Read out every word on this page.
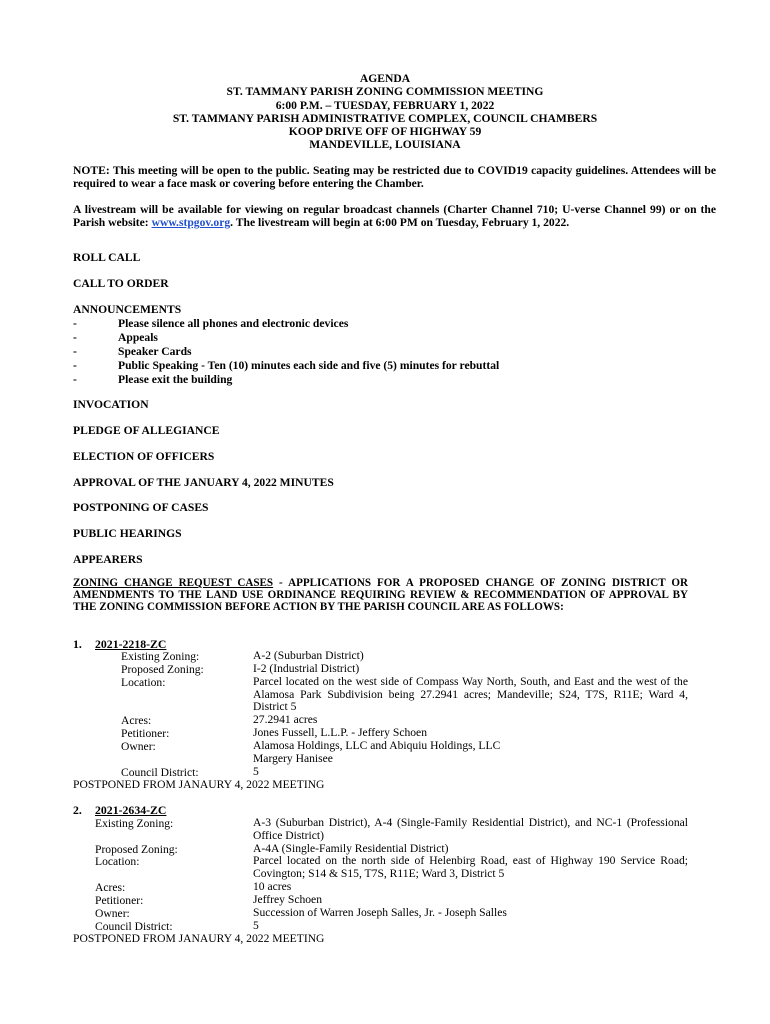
AGENDA
ST. TAMMANY PARISH ZONING COMMISSION MEETING
6:00 P.M. – TUESDAY, FEBRUARY 1, 2022
ST. TAMMANY PARISH ADMINISTRATIVE COMPLEX, COUNCIL CHAMBERS
KOOP DRIVE OFF OF HIGHWAY 59
MANDEVILLE, LOUISIANA
NOTE: This meeting will be open to the public. Seating may be restricted due to COVID19 capacity guidelines. Attendees will be required to wear a face mask or covering before entering the Chamber.
A livestream will be available for viewing on regular broadcast channels (Charter Channel 710; U-verse Channel 99) or on the Parish website: www.stpgov.org. The livestream will begin at 6:00 PM on Tuesday, February 1, 2022.
ROLL CALL
CALL TO ORDER
ANNOUNCEMENTS
-	Please silence all phones and electronic devices
-	Appeals
-	Speaker Cards
-	Public Speaking - Ten (10) minutes each side and five (5) minutes for rebuttal
-	Please exit the building
INVOCATION
PLEDGE OF ALLEGIANCE
ELECTION OF OFFICERS
APPROVAL OF THE JANUARY 4, 2022 MINUTES
POSTPONING OF CASES
PUBLIC HEARINGS
APPEARERS
ZONING CHANGE REQUEST CASES - APPLICATIONS FOR A PROPOSED CHANGE OF ZONING DISTRICT OR AMENDMENTS TO THE LAND USE ORDINANCE REQUIRING REVIEW & RECOMMENDATION OF APPROVAL BY THE ZONING COMMISSION BEFORE ACTION BY THE PARISH COUNCIL ARE AS FOLLOWS:
1. 2021-2218-ZC
Existing Zoning:	A-2 (Suburban District)
Proposed Zoning:	I-2 (Industrial District)
Location:	Parcel located on the west side of Compass Way North, South, and East and the west of the Alamosa Park Subdivision being 27.2941 acres; Mandeville; S24, T7S, R11E; Ward 4, District 5
Acres:	27.2941 acres
Petitioner:	Jones Fussell, L.L.P. - Jeffery Schoen
Owner:	Alamosa Holdings, LLC and Abiquiu Holdings, LLC
Margery Hanisee
Council District:	5
POSTPONED FROM JANAURY 4, 2022 MEETING
2. 2021-2634-ZC
Existing Zoning:	A-3 (Suburban District), A-4 (Single-Family Residential District), and NC-1 (Professional Office District)
Proposed Zoning:	A-4A (Single-Family Residential District)
Location:	Parcel located on the north side of Helenbirg Road, east of Highway 190 Service Road; Covington; S14 & S15, T7S, R11E; Ward 3, District 5
Acres:	10 acres
Petitioner:	Jeffrey Schoen
Owner:	Succession of Warren Joseph Salles, Jr. - Joseph Salles
Council District:	5
POSTPONED FROM JANAURY 4, 2022 MEETING
